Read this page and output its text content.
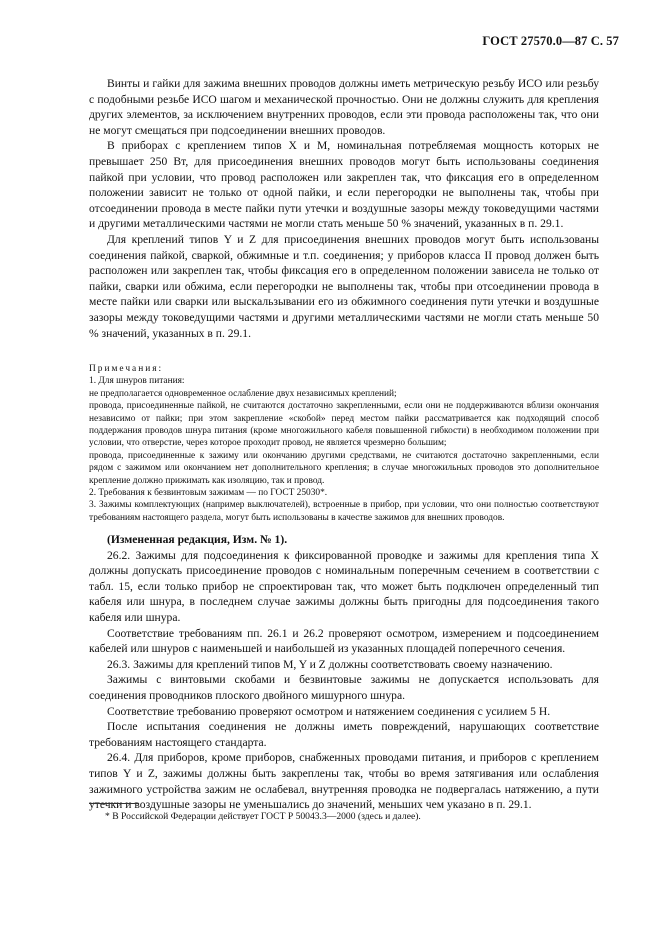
ГОСТ 27570.0—87 С. 57

Винты и гайки для зажима внешних проводов должны иметь метрическую резьбу ИСО или резьбу с подобными резьбе ИСО шагом и механической прочностью. Они не должны служить для крепления других элементов, за исключением внутренних проводов, если эти провода расположены так, что они не могут смещаться при подсоединении внешних проводов.

В приборах с креплением типов X и M, номинальная потребляемая мощность которых не превышает 250 Вт, для присоединения внешних проводов могут быть использованы соединения пайкой при условии, что провод расположен или закреплен так, что фиксация его в определенном положении зависит не только от одной пайки, и если перегородки не выполнены так, чтобы при отсоединении провода в месте пайки пути утечки и воздушные зазоры между токоведущими частями и другими металлическими частями не могли стать меньше 50 % значений, указанных в п. 29.1.

Для креплений типов Y и Z для присоединения внешних проводов могут быть использованы соединения пайкой, сваркой, обжимные и т.п. соединения; у приборов класса II провод должен быть расположен или закреплен так, чтобы фиксация его в определенном положении зависела не только от пайки, сварки или обжима, если перегородки не выполнены так, чтобы при отсоединении провода в месте пайки или сварки или выскальзывании его из обжимного соединения пути утечки и воздушные зазоры между токоведущими частями и другими металлическими частями не могли стать меньше 50 % значений, указанных в п. 29.1.

Примечания:

1. Для шнуров питания:

не предполагается одновременное ослабление двух независимых креплений;

провода, присоединенные пайкой, не считаются достаточно закрепленными, если они не поддерживаются вблизи окончания независимо от пайки; при этом закрепление «скобой» перед местом пайки рассматривается как подходящий способ поддержания проводов шнура питания (кроме многожильного кабеля повышенной гибкости) в необходимом положении при условии, что отверстие, через которое проходит провод, не является чрезмерно большим;

провода, присоединенные к зажиму или окончанию другими средствами, не считаются достаточно закрепленными, если рядом с зажимом или окончанием нет дополнительного крепления; в случае многожильных проводов это дополнительное крепление должно прижимать как изоляцию, так и провод.

2. Требования к безвинтовым зажимам — по ГОСТ 25030*.

3. Зажимы комплектующих (например выключателей), встроенные в прибор, при условии, что они полностью соответствуют требованиям настоящего раздела, могут быть использованы в качестве зажимов для внешних проводов.

(Измененная редакция, Изм. № 1).

26.2. Зажимы для подсоединения к фиксированной проводке и зажимы для крепления типа X должны допускать присоединение проводов с номинальным поперечным сечением в соответствии с табл. 15, если только прибор не спроектирован так, что может быть подключен определенный тип кабеля или шнура, в последнем случае зажимы должны быть пригодны для подсоединения такого кабеля или шнура.

Соответствие требованиям пп. 26.1 и 26.2 проверяют осмотром, измерением и подсоединением кабелей или шнуров с наименьшей и наибольшей из указанных площадей поперечного сечения.

26.3. Зажимы для креплений типов M, Y и Z должны соответствовать своему назначению.

Зажимы с винтовыми скобами и безвинтовые зажимы не допускается использовать для соединения проводников плоского двойного мишурного шнура.

Соответствие требованию проверяют осмотром и натяжением соединения с усилием 5 Н.

После испытания соединения не должны иметь повреждений, нарушающих соответствие требованиям настоящего стандарта.

26.4. Для приборов, кроме приборов, снабженных проводами питания, и приборов с креплением типов Y и Z, зажимы должны быть закреплены так, чтобы во время затягивания или ослабления зажимного устройства зажим не ослабевал, внутренняя проводка не подвергалась натяжению, а пути утечки и воздушные зазоры не уменьшались до значений, меньших чем указано в п. 29.1.

* В Российской Федерации действует ГОСТ Р 50043.3—2000 (здесь и далее).
